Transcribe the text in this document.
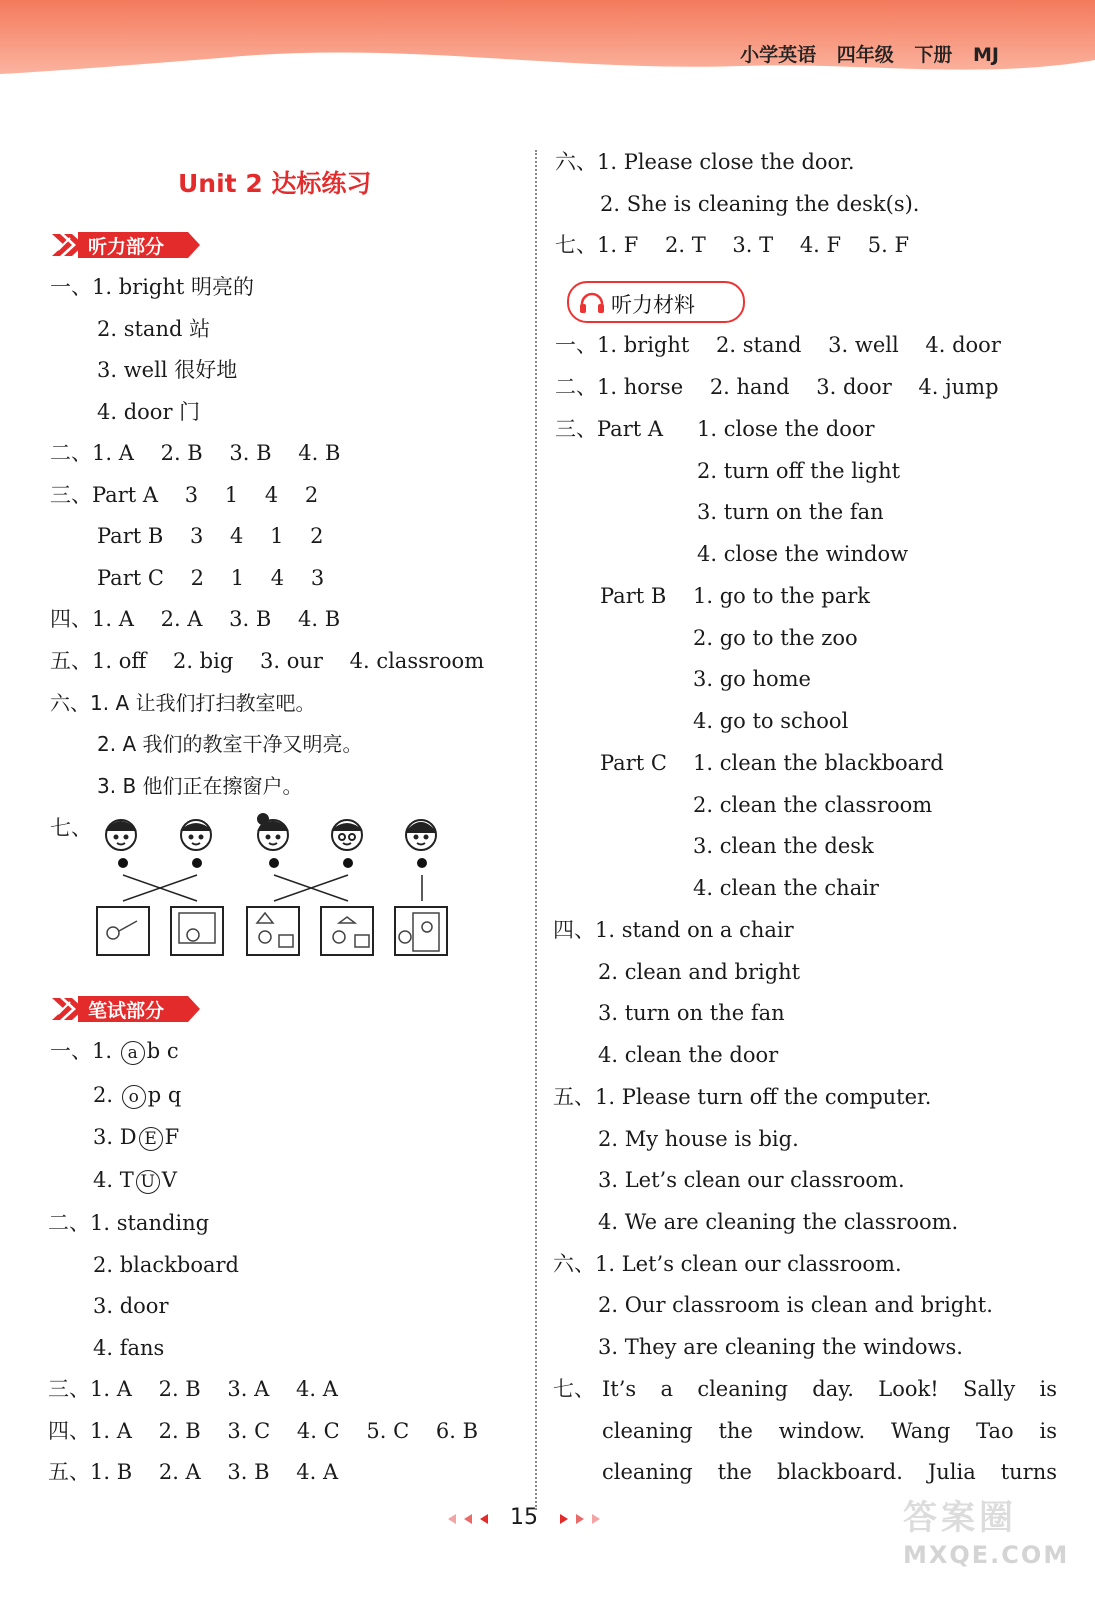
小学英语 四年级 下册 MJ
Unit 2 达标练习
听力部分
一、1. bright 明亮的
2. stand 站
3. well 很好地
4. door 门
二、1. A    2. B    3. B    4. B
三、Part A    3    1    4    2
Part B    3    4    1    2
Part C    2    1    4    3
四、1. A    2. A    3. B    4. B
五、1. off    2. big    3. our    4. classroom
六、1. A 让我们打扫教室吧。
2. A 我们的教室干净又明亮。
3. B 他们正在擦窗户。
七、
笔试部分
一、1. a b c
2. o p q
3. D E F
4. T U V
二、1. standing
2. blackboard
3. door
4. fans
三、1. A    2. B    3. A    4. A
四、1. A    2. B    3. C    4. C    5. C    6. B
五、1. B    2. A    3. B    4. A
六、1. Please close the door.
2. She is cleaning the desk(s).
七、1. F    2. T    3. T    4. F    5. F
听力材料
一、1. bright    2. stand    3. well    4. door
二、1. horse    2. hand    3. door    4. jump
三、Part A 1. close the door
2. turn off the light
3. turn on the fan
4. close the window
Part B 1. go to the park
2. go to the zoo
3. go home
4. go to school
Part C 1. clean the blackboard
2. clean the classroom
3. clean the desk
4. clean the chair
四、1. stand on a chair
2. clean and bright
3. turn on the fan
4. clean the door
五、1. Please turn off the computer.
2. My house is big.
3. Let’s clean our classroom.
4. We are cleaning the classroom.
六、1. Let’s clean our classroom.
2. Our classroom is clean and bright.
3. They are cleaning the windows.
七、 It’s a cleaning day. Look! Sally is
cleaning the window. Wang Tao is
cleaning the blackboard. Julia turns
15	答案圈
MXQE.COM
